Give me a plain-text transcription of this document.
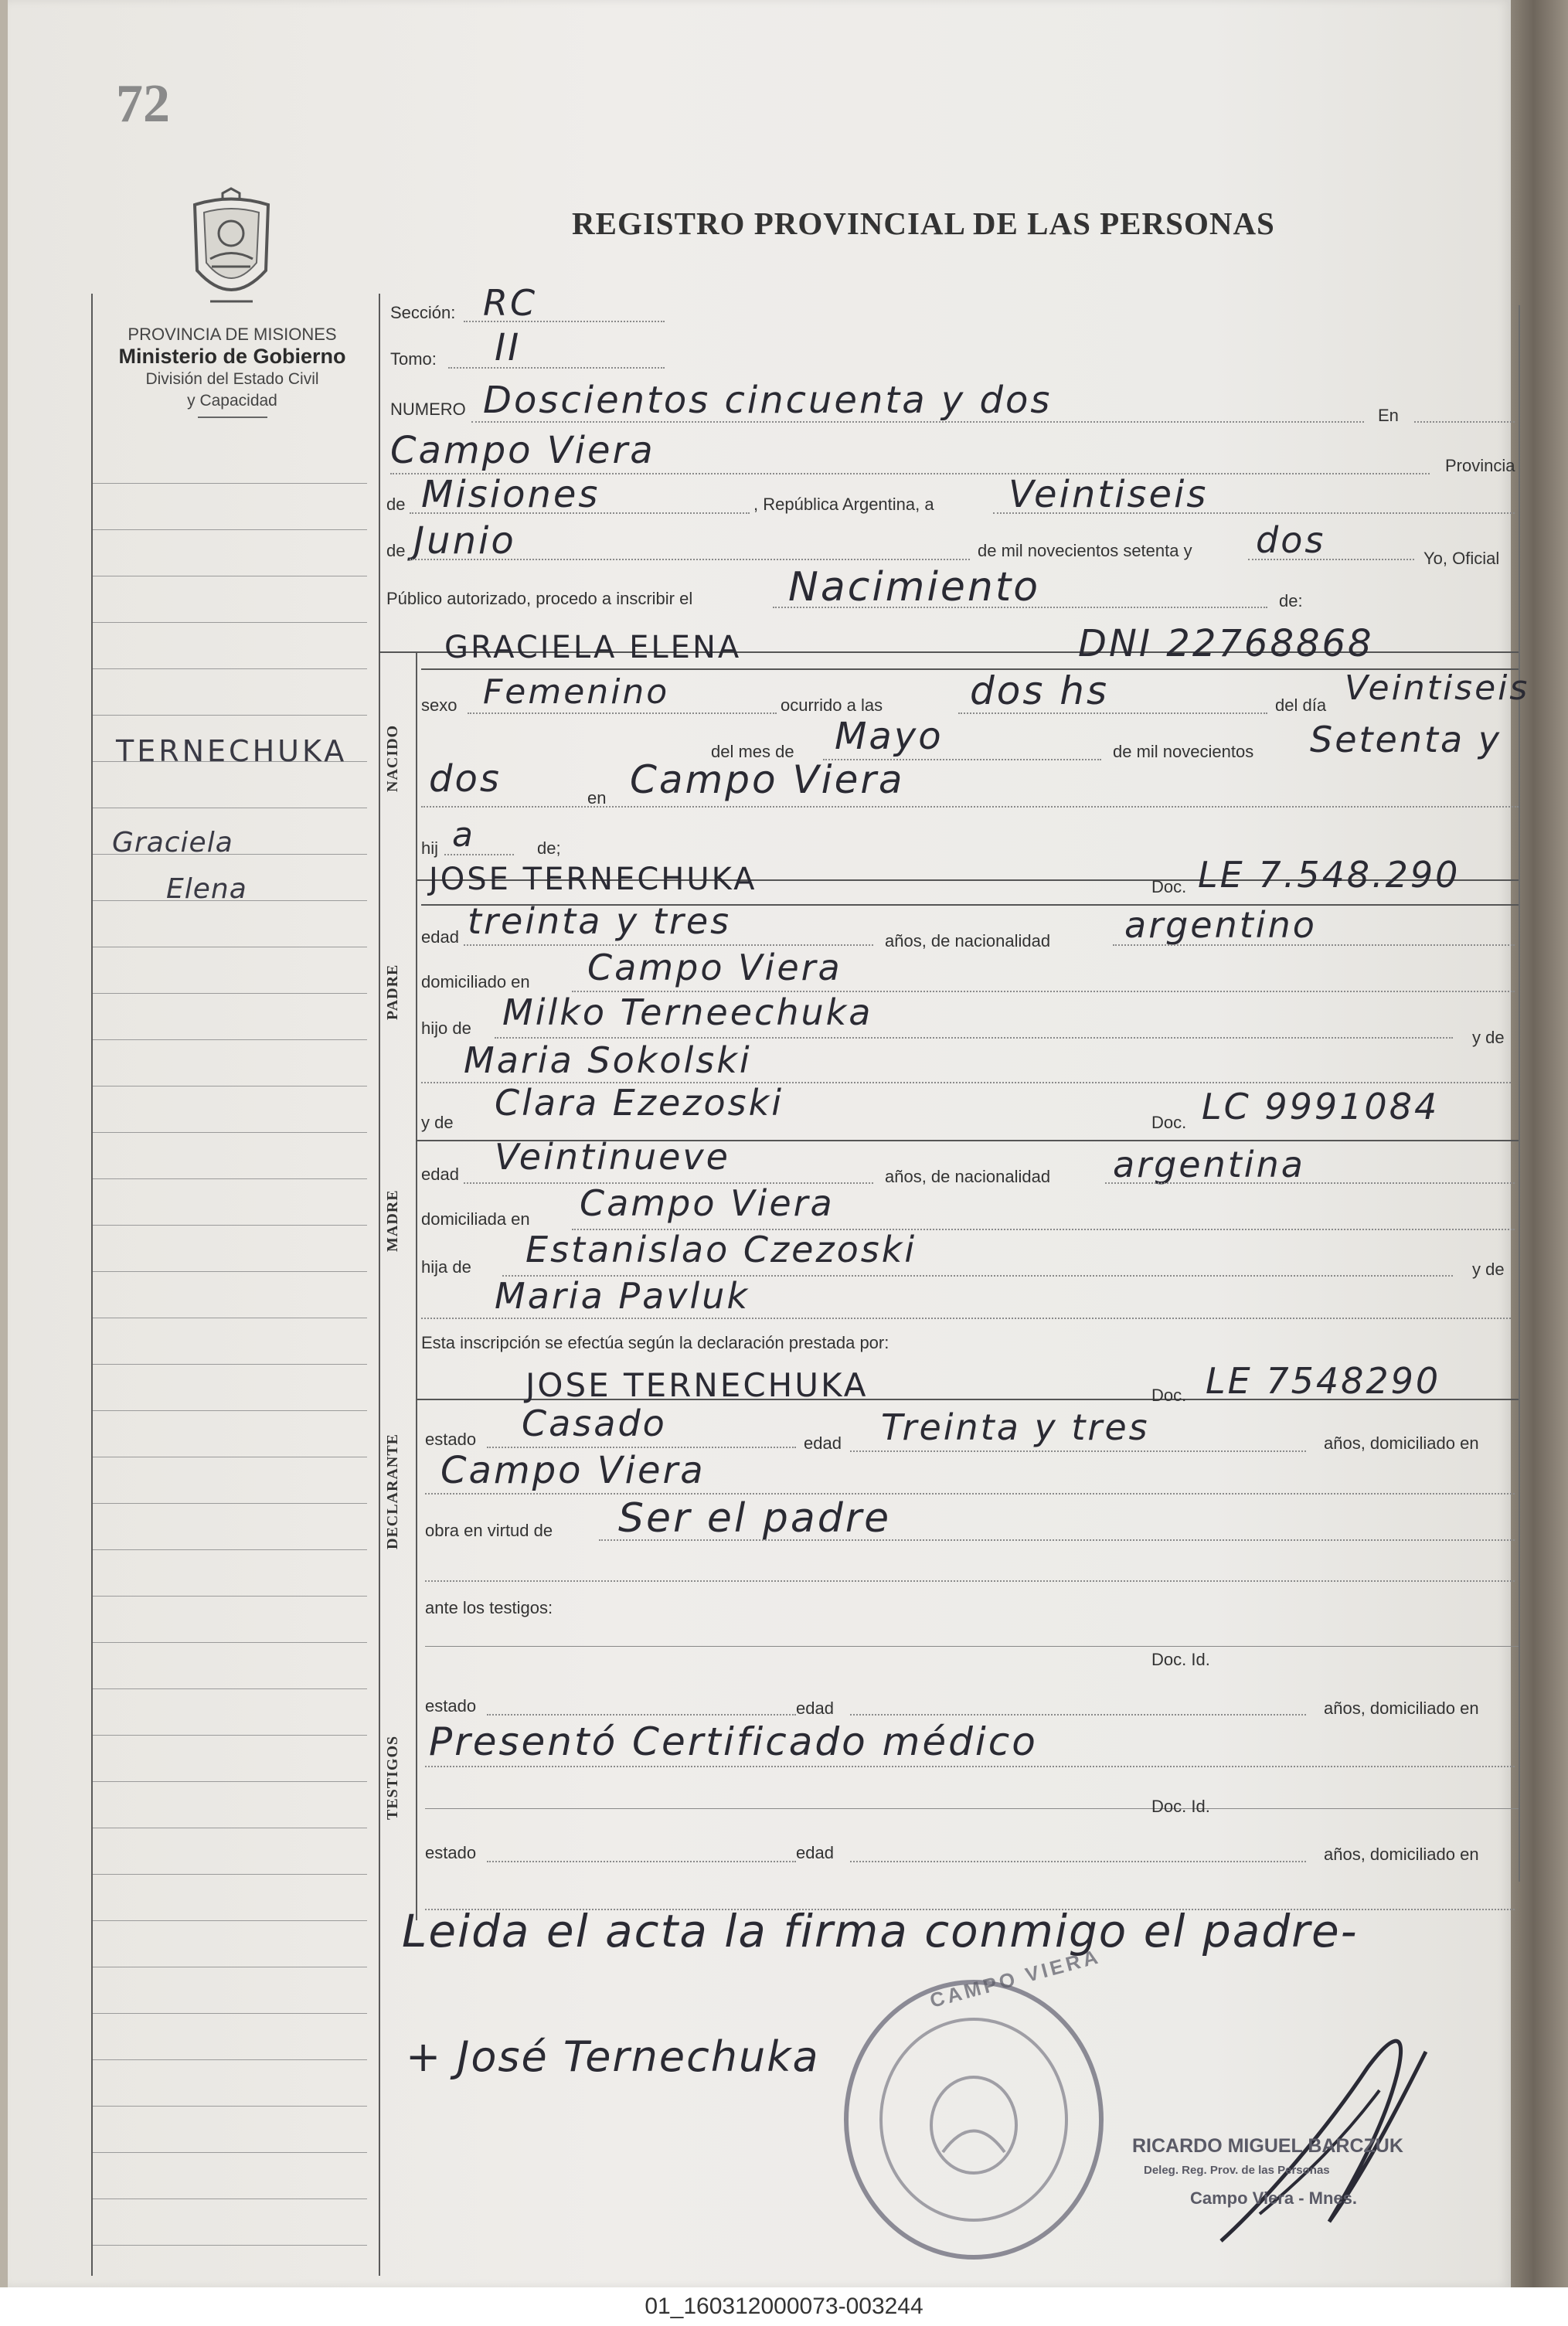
72
REGISTRO PROVINCIAL DE LAS PERSONAS
PROVINCIA DE MISIONES
Ministerio de Gobierno
División del Estado Civil
y Capacidad
TERNECHUKA
Graciela
Elena
Sección: RC
Tomo: II
NUMERO Doscientos cincuenta y dos	En
Campo Viera	Provincia
de Misiones	, República Argentina, a Veintiseis
de Junio	de mil novecientos setenta y dos	Yo, Oficial
Público autorizado, procedo a inscribir el Nacimiento	de:
NACIDO
GRACIELA ELENA	DNI 22768868
sexo Femenino	ocurrido a las dos hs	del día Veintiseis
del mes de Mayo	de mil novecientos Setenta y
dos	en Campo Viera
hij a	de;
PADRE
JOSE TERNECHUKA	Doc. LE 7.548.290
edad treinta y tres	años, de nacionalidad argentino
domiciliado en Campo Viera
hijo de Milko Terneechuka
y de
Maria Sokolski
y de Clara Ezezoski	Doc. LC 9991084
MADRE
edad Veintinueve	años, de nacionalidad argentina
domiciliada en Campo Viera
hija de Estanislao Czezoski	y de
Maria Pavluk
Esta inscripción se efectúa según la declaración prestada por:
DECLARANTE
JOSE TERNECHUKA	Doc. LE 7548290
estado Casado	edad Treinta y tres	años, domiciliado en
Campo Viera
obra en virtud de Ser el padre
ante los testigos:
Doc. Id.
TESTIGOS
estado	edad	años, domiciliado en
Presentó Certificado médico
Doc. Id.
estado	edad	años, domiciliado en
Leida el acta la firma conmigo el padre-
+ José Ternechuka
CAMPO VIERA
RICARDO MIGUEL BARCZUK
Deleg. Reg. Prov. de las Personas
Campo Viera - Mnes.
01_160312000073-003244
